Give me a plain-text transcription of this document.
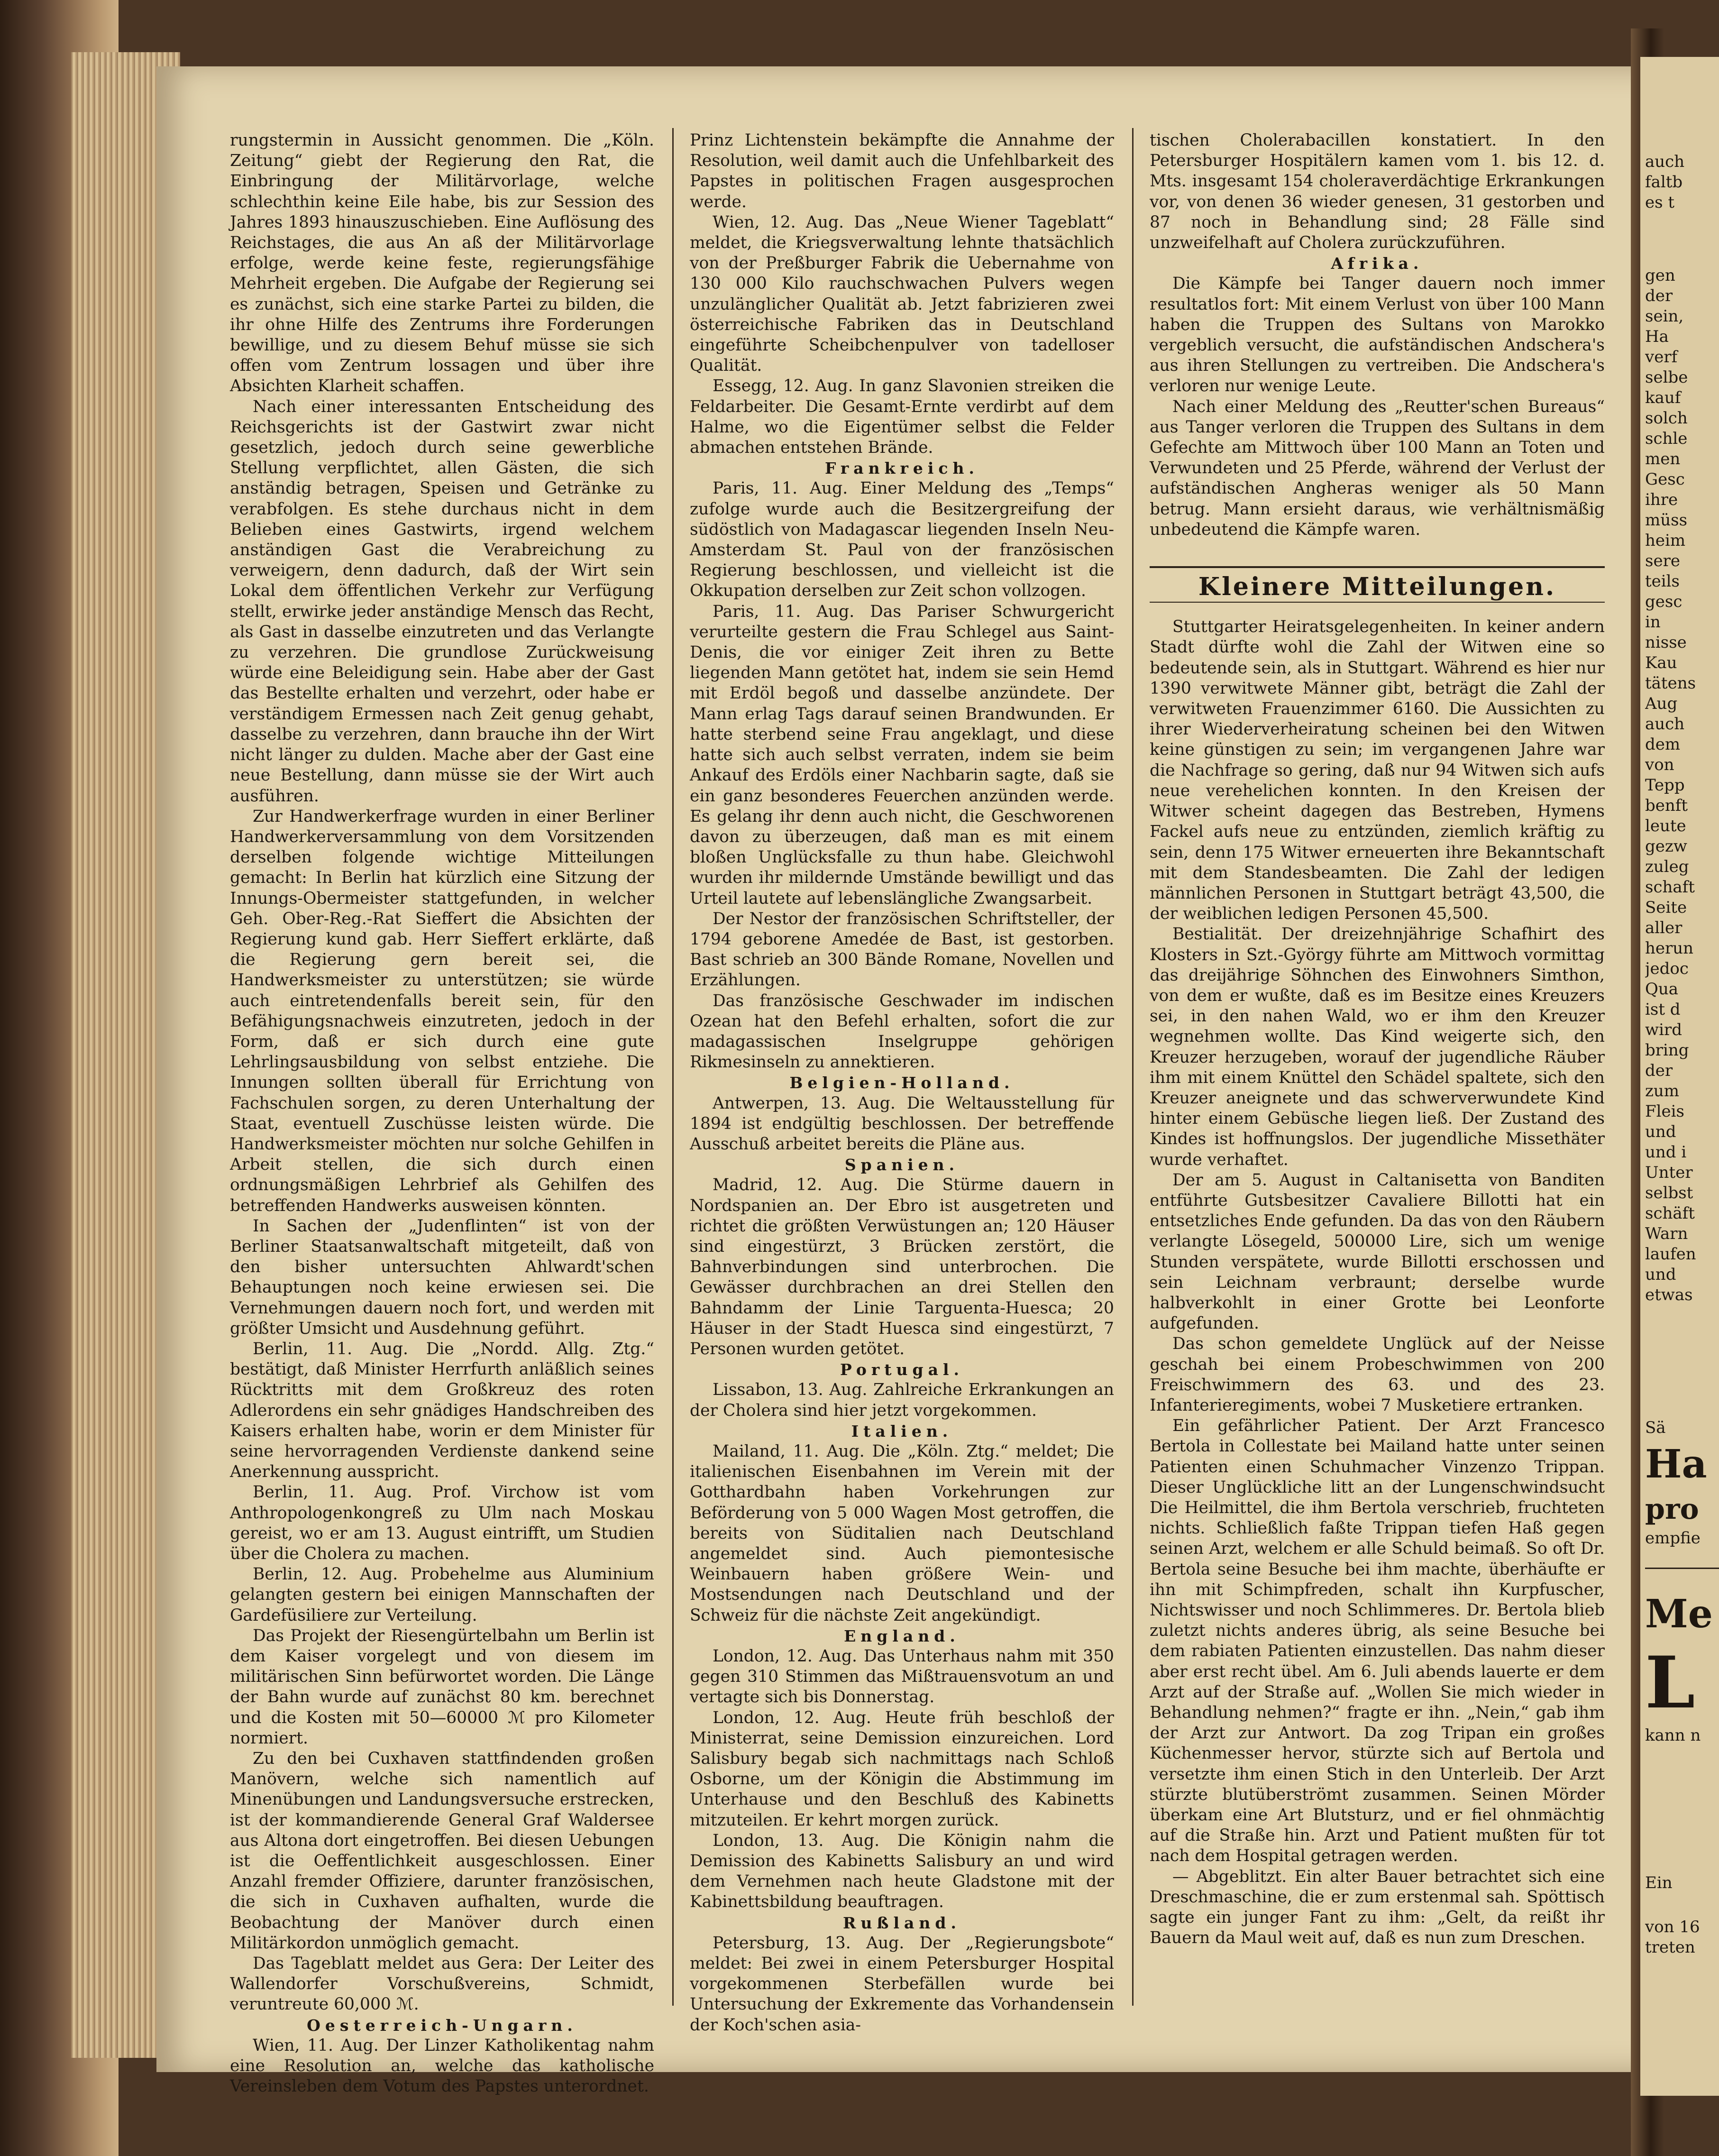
rungstermin in Aussicht genommen. Die „Köln. Zeitung“ giebt der Regierung den Rat, die Einbringung der Militärvorlage, welche schlechthin keine Eile habe, bis zur Session des Jahres 1893 hinauszuschieben. Eine Auflösung des Reichstages, die aus An aß der Militärvorlage erfolge, werde keine feste, regierungsfähige Mehrheit ergeben. Die Aufgabe der Regierung sei es zunächst, sich eine starke Partei zu bilden, die ihr ohne Hilfe des Zentrums ihre Forderungen bewillige, und zu diesem Behuf müsse sie sich offen vom Zentrum lossagen und über ihre Absichten Klarheit schaffen.

Nach einer interessanten Entscheidung des Reichsgerichts ist der Gastwirt zwar nicht gesetzlich, jedoch durch seine gewerbliche Stellung verpflichtet, allen Gästen, die sich anständig betragen, Speisen und Getränke zu verabfolgen. Es stehe durchaus nicht in dem Belieben eines Gastwirts, irgend welchem anständigen Gast die Verabreichung zu verweigern, denn dadurch, daß der Wirt sein Lokal dem öffentlichen Verkehr zur Verfügung stellt, erwirke jeder anständige Mensch das Recht, als Gast in dasselbe einzutreten und das Verlangte zu verzehren. Die grundlose Zurückweisung würde eine Beleidigung sein. Habe aber der Gast das Bestellte erhalten und verzehrt, oder habe er verständigem Ermessen nach Zeit genug gehabt, dasselbe zu verzehren, dann brauche ihn der Wirt nicht länger zu dulden. Mache aber der Gast eine neue Bestellung, dann müsse sie der Wirt auch ausführen.

Zur Handwerkerfrage wurden in einer Berliner Handwerkerversammlung von dem Vorsitzenden derselben folgende wichtige Mitteilungen gemacht: In Berlin hat kürzlich eine Sitzung der Innungs-Obermeister stattgefunden, in welcher Geh. Ober-Reg.-Rat Sieffert die Absichten der Regierung kund gab. Herr Sieffert erklärte, daß die Regierung gern bereit sei, die Handwerksmeister zu unterstützen; sie würde auch eintretendenfalls bereit sein, für den Befähigungsnachweis einzutreten, jedoch in der Form, daß er sich durch eine gute Lehrlingsausbildung von selbst entziehe. Die Innungen sollten überall für Errichtung von Fachschulen sorgen, zu deren Unterhaltung der Staat, eventuell Zuschüsse leisten würde. Die Handwerksmeister möchten nur solche Gehilfen in Arbeit stellen, die sich durch einen ordnungsmäßigen Lehrbrief als Gehilfen des betreffenden Handwerks ausweisen könnten.

In Sachen der „Judenflinten“ ist von der Berliner Staatsanwaltschaft mitgeteilt, daß von den bisher untersuchten Ahlwardt'schen Behauptungen noch keine erwiesen sei. Die Vernehmungen dauern noch fort, und werden mit größter Umsicht und Ausdehnung geführt.

Berlin, 11. Aug. Die „Nordd. Allg. Ztg.“ bestätigt, daß Minister Herrfurth anläßlich seines Rücktritts mit dem Großkreuz des roten Adlerordens ein sehr gnädiges Handschreiben des Kaisers erhalten habe, worin er dem Minister für seine hervorragenden Verdienste dankend seine Anerkennung ausspricht.

Berlin, 11. Aug. Prof. Virchow ist vom Anthropologenkongreß zu Ulm nach Moskau gereist, wo er am 13. August eintrifft, um Studien über die Cholera zu machen.

Berlin, 12. Aug. Probehelme aus Aluminium gelangten gestern bei einigen Mannschaften der Gardefüsiliere zur Verteilung.

Das Projekt der Riesengürtelbahn um Berlin ist dem Kaiser vorgelegt und von diesem im militärischen Sinn befürwortet worden. Die Länge der Bahn wurde auf zunächst 80 km. berechnet und die Kosten mit 50—60000 ℳ pro Kilometer normiert.

Zu den bei Cuxhaven stattfindenden großen Manövern, welche sich namentlich auf Minenübungen und Landungsversuche erstrecken, ist der kommandierende General Graf Waldersee aus Altona dort eingetroffen. Bei diesen Uebungen ist die Oeffentlichkeit ausgeschlossen. Einer Anzahl fremder Offiziere, darunter französischen, die sich in Cuxhaven aufhalten, wurde die Beobachtung der Manöver durch einen Militärkordon unmöglich gemacht.

Das Tageblatt meldet aus Gera: Der Leiter des Wallendorfer Vorschußvereins, Schmidt, veruntreute 60,000 ℳ.

Oesterreich-Ungarn.

Wien, 11. Aug. Der Linzer Katholikentag nahm eine Resolution an, welche das katholische Vereinsleben dem Votum des Papstes unterordnet.

Prinz Lichtenstein bekämpfte die Annahme der Resolution, weil damit auch die Unfehlbarkeit des Papstes in politischen Fragen ausgesprochen werde.

Wien, 12. Aug. Das „Neue Wiener Tageblatt“ meldet, die Kriegsverwaltung lehnte thatsächlich von der Preßburger Fabrik die Uebernahme von 130 000 Kilo rauchschwachen Pulvers wegen unzulänglicher Qualität ab. Jetzt fabrizieren zwei österreichische Fabriken das in Deutschland eingeführte Scheibchenpulver von tadelloser Qualität.

Essegg, 12. Aug. In ganz Slavonien streiken die Feldarbeiter. Die Gesamt-Ernte verdirbt auf dem Halme, wo die Eigentümer selbst die Felder abmachen entstehen Brände.

Frankreich.

Paris, 11. Aug. Einer Meldung des „Temps“ zufolge wurde auch die Besitzergreifung der südöstlich von Madagascar liegenden Inseln Neu-Amsterdam St. Paul von der französischen Regierung beschlossen, und vielleicht ist die Okkupation derselben zur Zeit schon vollzogen.

Paris, 11. Aug. Das Pariser Schwurgericht verurteilte gestern die Frau Schlegel aus Saint-Denis, die vor einiger Zeit ihren zu Bette liegenden Mann getötet hat, indem sie sein Hemd mit Erdöl begoß und dasselbe anzündete. Der Mann erlag Tags darauf seinen Brandwunden. Er hatte sterbend seine Frau angeklagt, und diese hatte sich auch selbst verraten, indem sie beim Ankauf des Erdöls einer Nachbarin sagte, daß sie ein ganz besonderes Feuerchen anzünden werde. Es gelang ihr denn auch nicht, die Geschworenen davon zu überzeugen, daß man es mit einem bloßen Unglücksfalle zu thun habe. Gleichwohl wurden ihr mildernde Umstände bewilligt und das Urteil lautete auf lebenslängliche Zwangsarbeit.

Der Nestor der französischen Schriftsteller, der 1794 geborene Amedée de Bast, ist gestorben. Bast schrieb an 300 Bände Romane, Novellen und Erzählungen.

Das französische Geschwader im indischen Ozean hat den Befehl erhalten, sofort die zur madagassischen Inselgruppe gehörigen Rikmesinseln zu annektieren.

Belgien-Holland.

Antwerpen, 13. Aug. Die Weltausstellung für 1894 ist endgültig beschlossen. Der betreffende Ausschuß arbeitet bereits die Pläne aus.

Spanien.

Madrid, 12. Aug. Die Stürme dauern in Nordspanien an. Der Ebro ist ausgetreten und richtet die größten Verwüstungen an; 120 Häuser sind eingestürzt, 3 Brücken zerstört, die Bahnverbindungen sind unterbrochen. Die Gewässer durchbrachen an drei Stellen den Bahndamm der Linie Targuenta-Huesca; 20 Häuser in der Stadt Huesca sind eingestürzt, 7 Personen wurden getötet.

Portugal.

Lissabon, 13. Aug. Zahlreiche Erkrankungen an der Cholera sind hier jetzt vorgekommen.

Italien.

Mailand, 11. Aug. Die „Köln. Ztg.“ meldet; Die italienischen Eisenbahnen im Verein mit der Gotthardbahn haben Vorkehrungen zur Beförderung von 5 000 Wagen Most getroffen, die bereits von Süditalien nach Deutschland angemeldet sind. Auch piemontesische Weinbauern haben größere Wein- und Mostsendungen nach Deutschland und der Schweiz für die nächste Zeit angekündigt.

England.

London, 12. Aug. Das Unterhaus nahm mit 350 gegen 310 Stimmen das Mißtrauensvotum an und vertagte sich bis Donnerstag.

London, 12. Aug. Heute früh beschloß der Ministerrat, seine Demission einzureichen. Lord Salisbury begab sich nachmittags nach Schloß Osborne, um der Königin die Abstimmung im Unterhause und den Beschluß des Kabinetts mitzuteilen. Er kehrt morgen zurück.

London, 13. Aug. Die Königin nahm die Demission des Kabinetts Salisbury an und wird dem Vernehmen nach heute Gladstone mit der Kabinettsbildung beauftragen.

Rußland.

Petersburg, 13. Aug. Der „Regierungsbote“ meldet: Bei zwei in einem Petersburger Hospital vorgekommenen Sterbefällen wurde bei Untersuchung der Exkremente das Vorhandensein der Koch'schen asia-

tischen Cholerabacillen konstatiert. In den Petersburger Hospitälern kamen vom 1. bis 12. d. Mts. insgesamt 154 choleraverdächtige Erkrankungen vor, von denen 36 wieder genesen, 31 gestorben und 87 noch in Behandlung sind; 28 Fälle sind unzweifelhaft auf Cholera zurückzuführen.

Afrika.

Die Kämpfe bei Tanger dauern noch immer resultatlos fort: Mit einem Verlust von über 100 Mann haben die Truppen des Sultans von Marokko vergeblich versucht, die aufständischen Andschera's aus ihren Stellungen zu vertreiben. Die Andschera's verloren nur wenige Leute.

Nach einer Meldung des „Reutter'schen Bureaus“ aus Tanger verloren die Truppen des Sultans in dem Gefechte am Mittwoch über 100 Mann an Toten und Verwundeten und 25 Pferde, während der Verlust der aufständischen Angheras weniger als 50 Mann betrug. Mann ersieht daraus, wie verhältnismäßig unbedeutend die Kämpfe waren.

Kleinere Mitteilungen.

Stuttgarter Heiratsgelegenheiten. In keiner andern Stadt dürfte wohl die Zahl der Witwen eine so bedeutende sein, als in Stuttgart. Während es hier nur 1390 verwitwete Männer gibt, beträgt die Zahl der verwitweten Frauenzimmer 6160. Die Aussichten zu ihrer Wiederverheiratung scheinen bei den Witwen keine günstigen zu sein; im vergangenen Jahre war die Nachfrage so gering, daß nur 94 Witwen sich aufs neue verehelichen konnten. In den Kreisen der Witwer scheint dagegen das Bestreben, Hymens Fackel aufs neue zu entzünden, ziemlich kräftig zu sein, denn 175 Witwer erneuerten ihre Bekanntschaft mit dem Standesbeamten. Die Zahl der ledigen männlichen Personen in Stuttgart beträgt 43,500, die der weiblichen ledigen Personen 45,500.

Bestialität. Der dreizehnjährige Schafhirt des Klosters in Szt.-György führte am Mittwoch vormittag das dreijährige Söhnchen des Einwohners Simthon, von dem er wußte, daß es im Besitze eines Kreuzers sei, in den nahen Wald, wo er ihm den Kreuzer wegnehmen wollte. Das Kind weigerte sich, den Kreuzer herzugeben, worauf der jugendliche Räuber ihm mit einem Knüttel den Schädel spaltete, sich den Kreuzer aneignete und das schwerverwundete Kind hinter einem Gebüsche liegen ließ. Der Zustand des Kindes ist hoffnungslos. Der jugendliche Missethäter wurde verhaftet.

Der am 5. August in Caltanisetta von Banditen entführte Gutsbesitzer Cavaliere Billotti hat ein entsetzliches Ende gefunden. Da das von den Räubern verlangte Lösegeld, 500000 Lire, sich um wenige Stunden verspätete, wurde Billotti erschossen und sein Leichnam verbraunt; derselbe wurde halbverkohlt in einer Grotte bei Leonforte aufgefunden.

Das schon gemeldete Unglück auf der Neisse geschah bei einem Probeschwimmen von 200 Freischwimmern des 63. und des 23. Infanterieregiments, wobei 7 Musketiere ertranken.

Ein gefährlicher Patient. Der Arzt Francesco Bertola in Collestate bei Mailand hatte unter seinen Patienten einen Schuhmacher Vinzenzo Trippan. Dieser Unglückliche litt an der Lungenschwindsucht Die Heilmittel, die ihm Bertola verschrieb, fruchteten nichts. Schließlich faßte Trippan tiefen Haß gegen seinen Arzt, welchem er alle Schuld beimaß. So oft Dr. Bertola seine Besuche bei ihm machte, überhäufte er ihn mit Schimpfreden, schalt ihn Kurpfuscher, Nichtswisser und noch Schlimmeres. Dr. Bertola blieb zuletzt nichts anderes übrig, als seine Besuche bei dem rabiaten Patienten einzustellen. Das nahm dieser aber erst recht übel. Am 6. Juli abends lauerte er dem Arzt auf der Straße auf. „Wollen Sie mich wieder in Behandlung nehmen?“ fragte er ihn. „Nein,“ gab ihm der Arzt zur Antwort. Da zog Tripan ein großes Küchenmesser hervor, stürzte sich auf Bertola und versetzte ihm einen Stich in den Unterleib. Der Arzt stürzte blutüberströmt zusammen. Seinen Mörder überkam eine Art Blutsturz, und er fiel ohnmächtig auf die Straße hin. Arzt und Patient mußten für tot nach dem Hospital getragen werden.

— Abgeblitzt. Ein alter Bauer betrachtet sich eine Dreschmaschine, die er zum erstenmal sah. Spöttisch sagte ein junger Fant zu ihm: „Gelt, da reißt ihr Bauern da Maul weit auf, daß es nun zum Dreschen.

auch
faltb
es t
gen
der
sein,
Ha
verf
selbe
kauf
solch
schle
men
Gesc
ihre
müss
heim
sere
teils
gesc
in
nisse
Kau
tätens
Aug
auch
dem
von
Tepp
benft
leute
gezw
zuleg
schaft
Seite
aller
herun
jedoc
Qua
ist d
wird
bring
der
zum
Fleis
und
und i
Unter
selbst
schäft
Warn
laufen
und
etwas
Sä
Ha
pro
empfie
Me
L
kann n
Ein
von 16
treten
